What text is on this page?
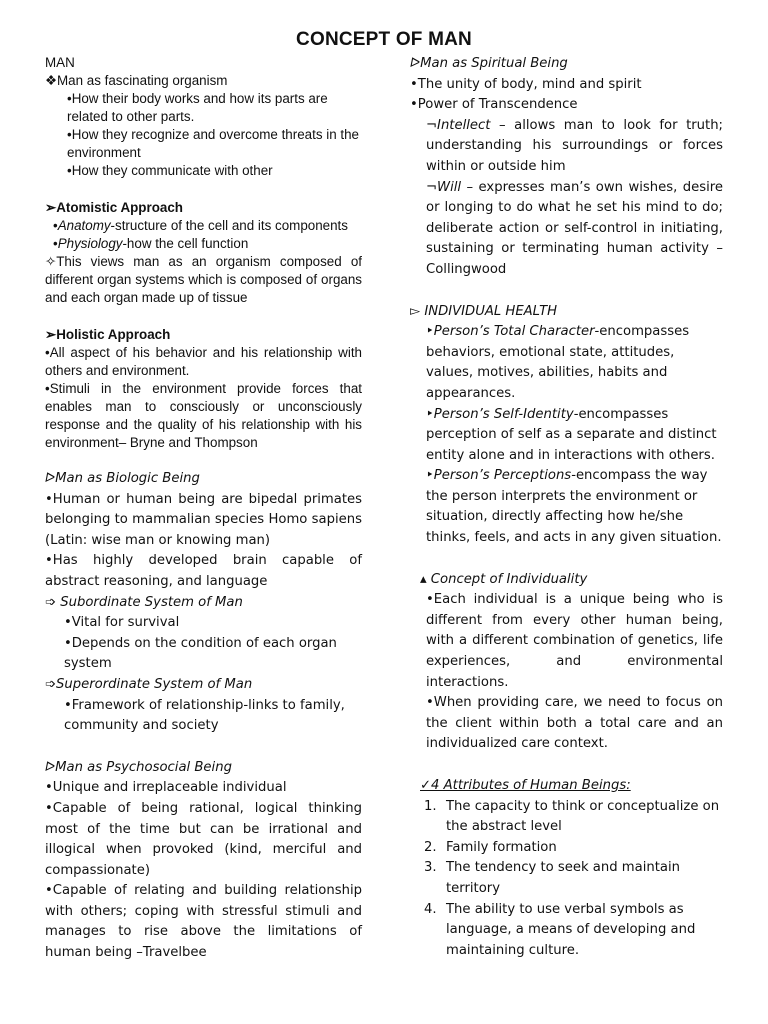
CONCEPT OF MAN

MAN

❖Man as fascinating organism

•How their body works and how its parts are related to other parts.

•How they recognize and overcome threats in the environment

•How they communicate with other

➢Atomistic Approach

•Anatomy-structure of the cell and its components

•Physiology-how the cell function

✧This views man as an organism composed of different organ systems which is composed of organs and each organ made up of tissue

➢Holistic Approach

•All aspect of his behavior and his relationship with others and environment.

•Stimuli in the environment provide forces that enables man to consciously or unconsciously response and the quality of his relationship with his environment– Bryne and Thompson

ᐅMan as Biologic Being

•Human or human being are bipedal primates belonging to mammalian species Homo sapiens (Latin: wise man or knowing man)

•Has highly developed brain capable of abstract reasoning, and language

➩ Subordinate System of Man

•Vital for survival

•Depends on the condition of each organ system

➩Superordinate System of Man

•Framework of relationship-links to family, community and society

ᐅMan as Psychosocial Being

•Unique and irreplaceable individual

•Capable of being rational, logical thinking most of the time but can be irrational and illogical when provoked (kind, merciful and compassionate)

•Capable of relating and building relationship with others; coping with stressful stimuli and manages to rise above the limitations of human being –Travelbee

ᐅMan as Spiritual Being

•The unity of body, mind and spirit

•Power of Transcendence

¬Intellect – allows man to look for truth; understanding his surroundings or forces within or outside him

¬Will – expresses man’s own wishes, desire or longing to do what he set his mind to do; deliberate action or self-control in initiating, sustaining or terminating human activity – Collingwood

▻ INDIVIDUAL HEALTH

‣Person’s Total Character-encompasses behaviors, emotional state, attitudes, values, motives, abilities, habits and appearances.

‣Person’s Self-Identity-encompasses perception of self as a separate and distinct entity alone and in interactions with others.

‣Person’s Perceptions-encompass the way the person interprets the environment or situation, directly affecting how he/she thinks, feels, and acts in any given situation.

▴ Concept of Individuality

•Each individual is a unique being who is different from every other human being, with a different combination of genetics, life experiences, and environmental interactions.

•When providing care, we need to focus on the client within both a total care and an individualized care context.

✓4 Attributes of Human Beings:

1. The capacity to think or conceptualize on the abstract level
2. Family formation
3. The tendency to seek and maintain territory
4. The ability to use verbal symbols as language, a means of developing and maintaining culture.
